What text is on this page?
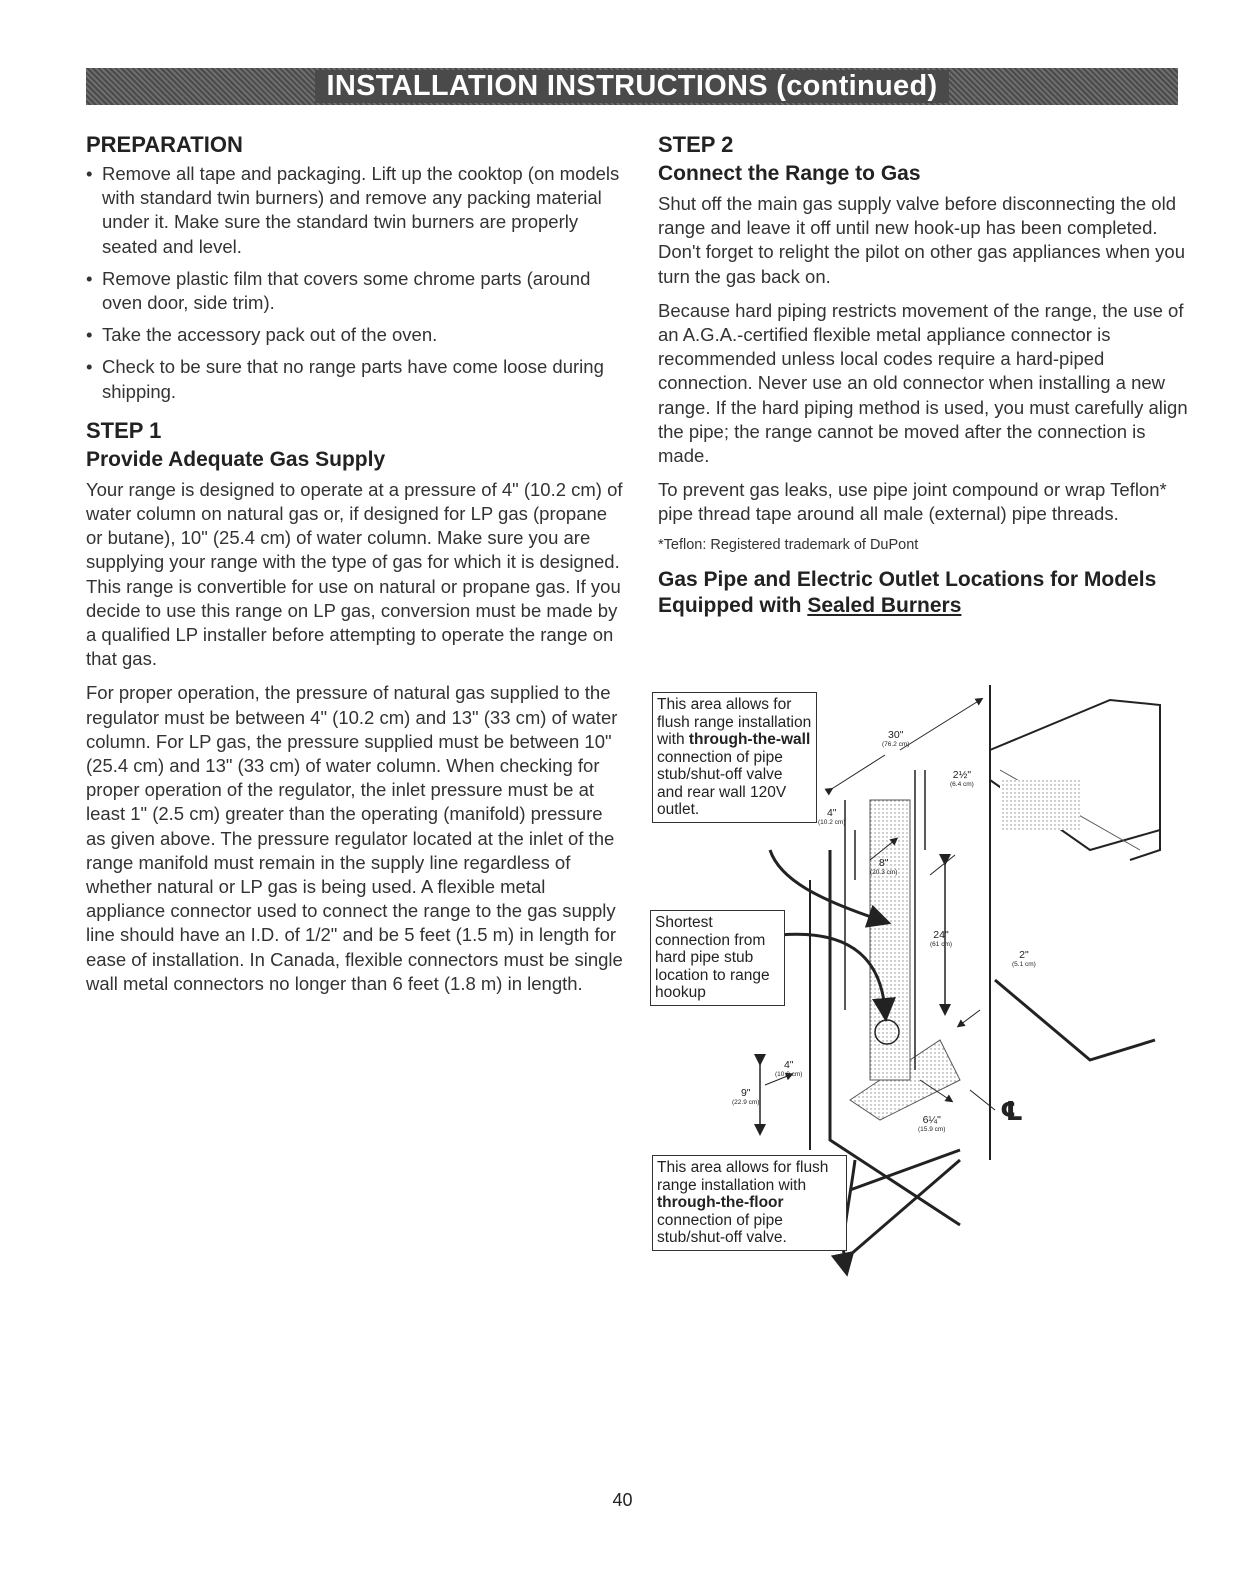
INSTALLATION INSTRUCTIONS (continued)
PREPARATION
• Remove all tape and packaging. Lift up the cooktop (on models with standard twin burners) and remove any packing material under it. Make sure the standard twin burners are properly seated and level.
• Remove plastic film that covers some chrome parts (around oven door, side trim).
• Take the accessory pack out of the oven.
• Check to be sure that no range parts have come loose during shipping.
STEP 1
Provide Adequate Gas Supply

Your range is designed to operate at a pressure of 4" (10.2 cm) of water column on natural gas or, if designed for LP gas (propane or butane), 10" (25.4 cm) of water column. Make sure you are supplying your range with the type of gas for which it is designed. This range is convertible for use on natural or propane gas. If you decide to use this range on LP gas, conversion must be made by a qualified LP installer before attempting to operate the range on that gas.

For proper operation, the pressure of natural gas supplied to the regulator must be between 4" (10.2 cm) and 13" (33 cm) of water column. For LP gas, the pressure supplied must be between 10" (25.4 cm) and 13" (33 cm) of water column. When checking for proper operation of the regulator, the inlet pressure must be at least 1" (2.5 cm) greater than the operating (manifold) pressure as given above. The pressure regulator located at the inlet of the range manifold must remain in the supply line regardless of whether natural or LP gas is being used. A flexible metal appliance connector used to connect the range to the gas supply line should have an I.D. of 1/2" and be 5 feet (1.5 m) in length for ease of installation. In Canada, flexible connectors must be single wall metal connectors no longer than 6 feet (1.8 m) in length.

STEP 2
Connect the Range to Gas

Shut off the main gas supply valve before disconnecting the old range and leave it off until new hook-up has been completed. Don't forget to relight the pilot on other gas appliances when you turn the gas back on.

Because hard piping restricts movement of the range, the use of an A.G.A.-certified flexible metal appliance connector is recommended unless local codes require a hard-piped connection. Never use an old connector when installing a new range. If the hard piping method is used, you must carefully align the pipe; the range cannot be moved after the connection is made.

To prevent gas leaks, use pipe joint compound or wrap Teflon* pipe thread tape around all male (external) pipe threads.

*Teflon: Registered trademark of DuPont
Gas Pipe and Electric Outlet Locations for Models Equipped with Sealed Burners
This area allows for flush range installation with through-the-wall connection of pipe stub/shut-off valve and rear wall 120V outlet.
Shortest connection from hard pipe stub location to range hookup
This area allows for flush range installation with through-the-floor connection of pipe stub/shut-off valve.
30"
(76.2 cm)
2½"
(6.4 cm)
4"
(10.2 cm)
8"
(20.3 cm)
24"
(61 cm)
2"
(5.1 cm)
4"
(10.2 cm)
9"
(22.9 cm)
6¼"
(15.9 cm)
℄
40
